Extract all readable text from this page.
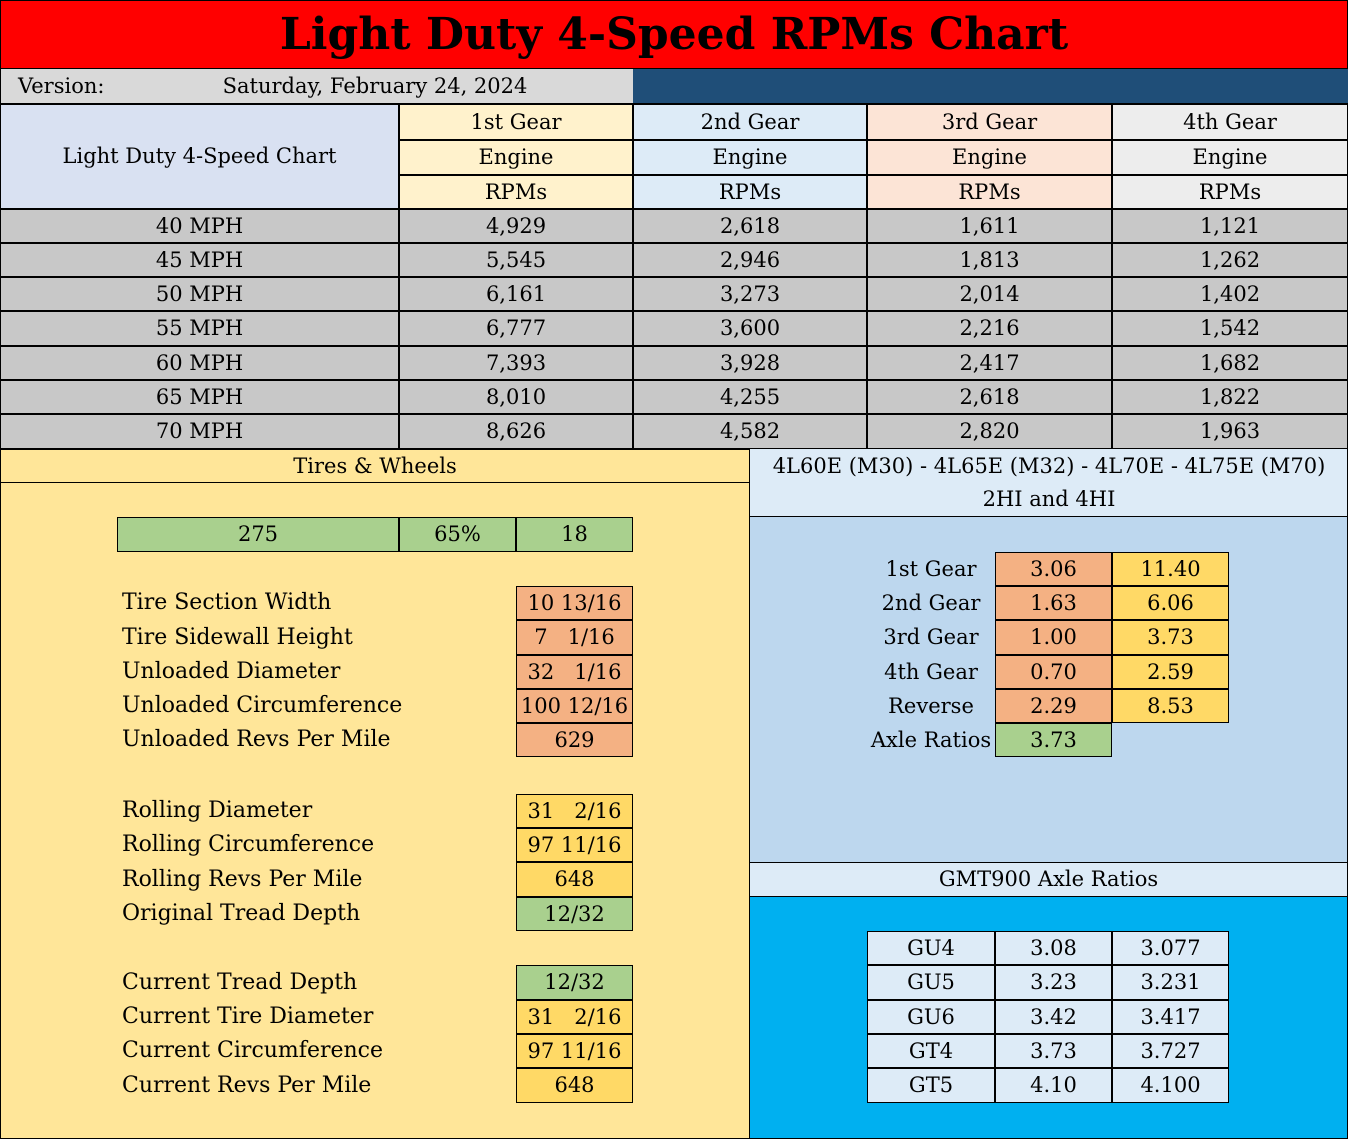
Light Duty 4-Speed RPMs Chart
Version:	Saturday, February 24, 2024
Light Duty 4-Speed Chart
1st Gear
Engine
RPMs
2nd Gear
Engine
RPMs
3rd Gear
Engine
RPMs
4th Gear
Engine
RPMs
40 MPH	4,929	2,618	1,611	1,121
45 MPH	5,545	2,946	1,813	1,262
50 MPH	6,161	3,273	2,014	1,402
55 MPH	6,777	3,600	2,216	1,542
60 MPH	7,393	3,928	2,417	1,682
65 MPH	8,010	4,255	2,618	1,822
70 MPH	8,626	4,582	2,820	1,963
Tires & Wheels
275	65%	18
Tire Section Width	10 13/16
Tire Sidewall Height	7   1/16
Unloaded Diameter	32   1/16
Unloaded Circumference	100 12/16
Unloaded Revs Per Mile	629
Rolling Diameter	31   2/16
Rolling Circumference	97 11/16
Rolling Revs Per Mile	648
Original Tread Depth	12/32
Current Tread Depth	12/32
Current Tire Diameter	31   2/16
Current Circumference	97 11/16
Current Revs Per Mile	648
4L60E (M30) - 4L65E (M32) - 4L70E - 4L75E (M70)
2HI and 4HI
1st Gear	3.06	11.40
2nd Gear	1.63	6.06
3rd Gear	1.00	3.73
4th Gear	0.70	2.59
Reverse	2.29	8.53
Axle Ratios	3.73
GMT900 Axle Ratios
GU4	3.08	3.077
GU5	3.23	3.231
GU6	3.42	3.417
GT4	3.73	3.727
GT5	4.10	4.100
